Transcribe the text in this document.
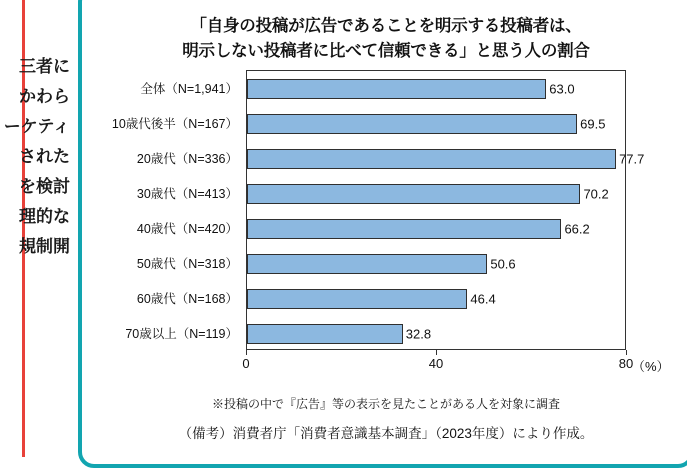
三者に
かわら
ーケティ
された
を検討
理的な
規制開
「自身の投稿が広告であることを明示する投稿者は、
明示しない投稿者に比べて信頼できる」と思う人の割合
全体（N=1,941）
10歳代後半（N=167）
20歳代（N=336）
30歳代（N=413）
40歳代（N=420）
50歳代（N=318）
60歳代（N=168）
70歳以上（N=119）
63.0
69.5
77.7
70.2
66.2
50.6
46.4
32.8
（%）
0	40	80
※投稿の中で『広告』等の表示を見たことがある人を対象に調査
（備考）消費者庁「消費者意識基本調査」（2023年度）により作成。
